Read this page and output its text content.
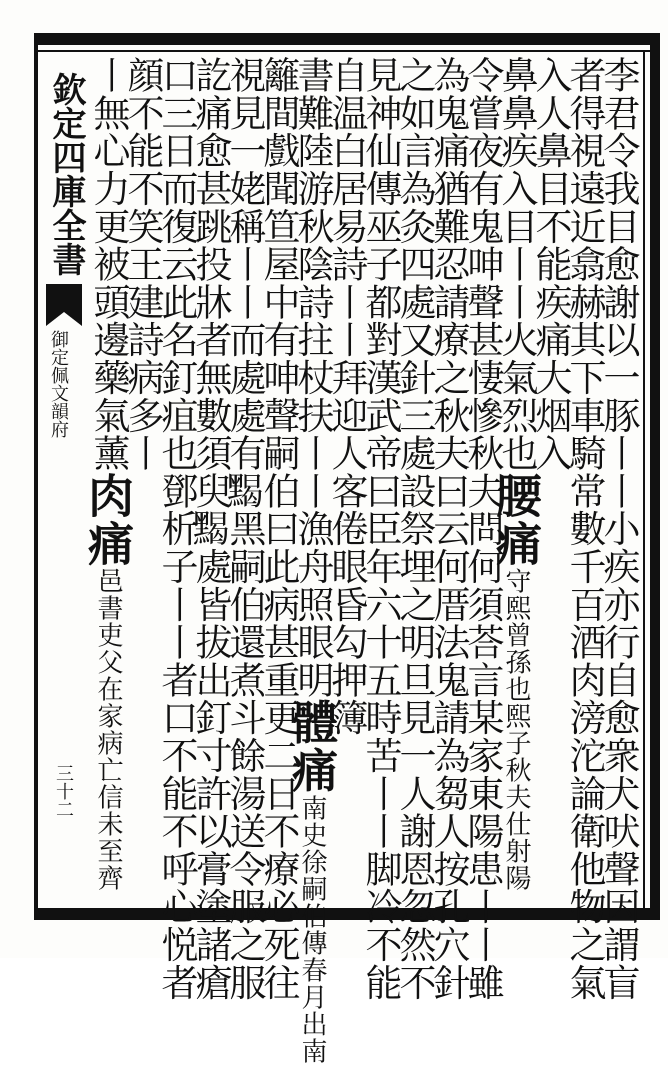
欽定四庫全書
御定佩文韻府
三十二	李君令我目愈謝以一豚丨丨小疾亦行自愈衆犬吠聲因謂盲
者得視遠近翕赫其下車騎常數千百酒肉滂沱論衛他物之氣
入人鼻目不能疾痛大烟入
鼻鼻疾入目丨丨火氣烈也腰痛守熙曾孫也熙子秋夫仕射陽
令嘗夜有鬼呻聲甚悽慘秋夫問何須荅言某家東陽患丨丨雖
為鬼痛猶難忍請療之秋夫曰云何厝法鬼請為芻人按孔穴針
之如言為灸四處又針三處設祭埋之明旦見一人謝恩忽然不
見神仙傳巫子都對漢武帝曰臣年六十五時苦丨丨脚冷不能
自温白居易詩丨丨拜迎人客倦眼昏勾押簿
書難陸游秋陰詩拄杖扶丨丨漁舟照眼明體痛南史徐嗣伯傳春月出南
籬間戲聞笪屋中有呻聲嗣伯曰此病甚重更二日不療必死往
視見一姥稱丨丨而處處有𪑦黑嗣伯還煮斗餘湯送令服之服
訖痛愈甚跳投牀者無數須臾𪑦處皆拔出釘寸許以膏塗諸瘡
口三日而復云此名釘疽也鄧析子丨丨者口不能不呼心悦者
顔不能不笑王建詩病多丨
丨無心力更被頭邊藥氣薰肉痛邑書吏父在家病亡信未至齊
